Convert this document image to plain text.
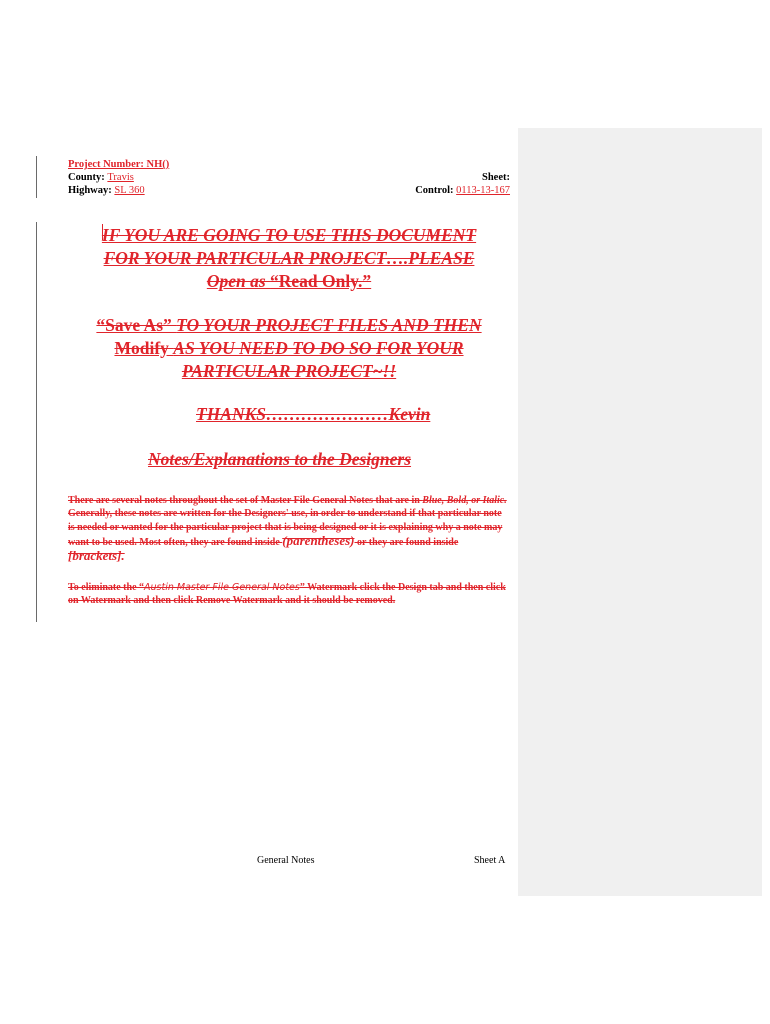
Project Number: NH()
County: Travis	Sheet:
Highway: SL 360	Control: 0113-13-167
IF YOU ARE GOING TO USE THIS DOCUMENT
FOR YOUR PARTICULAR PROJECT….PLEASE
Open as “Read Only.”
“Save As” TO YOUR PROJECT FILES AND THEN
Modify AS YOU NEED TO DO SO FOR YOUR
PARTICULAR PROJECT~!!
THANKS…………………Kevin
Notes/Explanations to the Designers
There are several notes throughout the set of Master File General Notes that are in Blue, Bold, or Italic. Generally, these notes are written for the Designers' use, in order to understand if that particular note is needed or wanted for the particular project that is being designed or it is explaining why a note may want to be used. Most often, they are found inside (parentheses) or they are found inside [brackets].
To eliminate the “Austin Master File General Notes” Watermark click the Design tab and then click on Watermark and then click Remove Watermark and it should be removed.
General Notes	Sheet A
